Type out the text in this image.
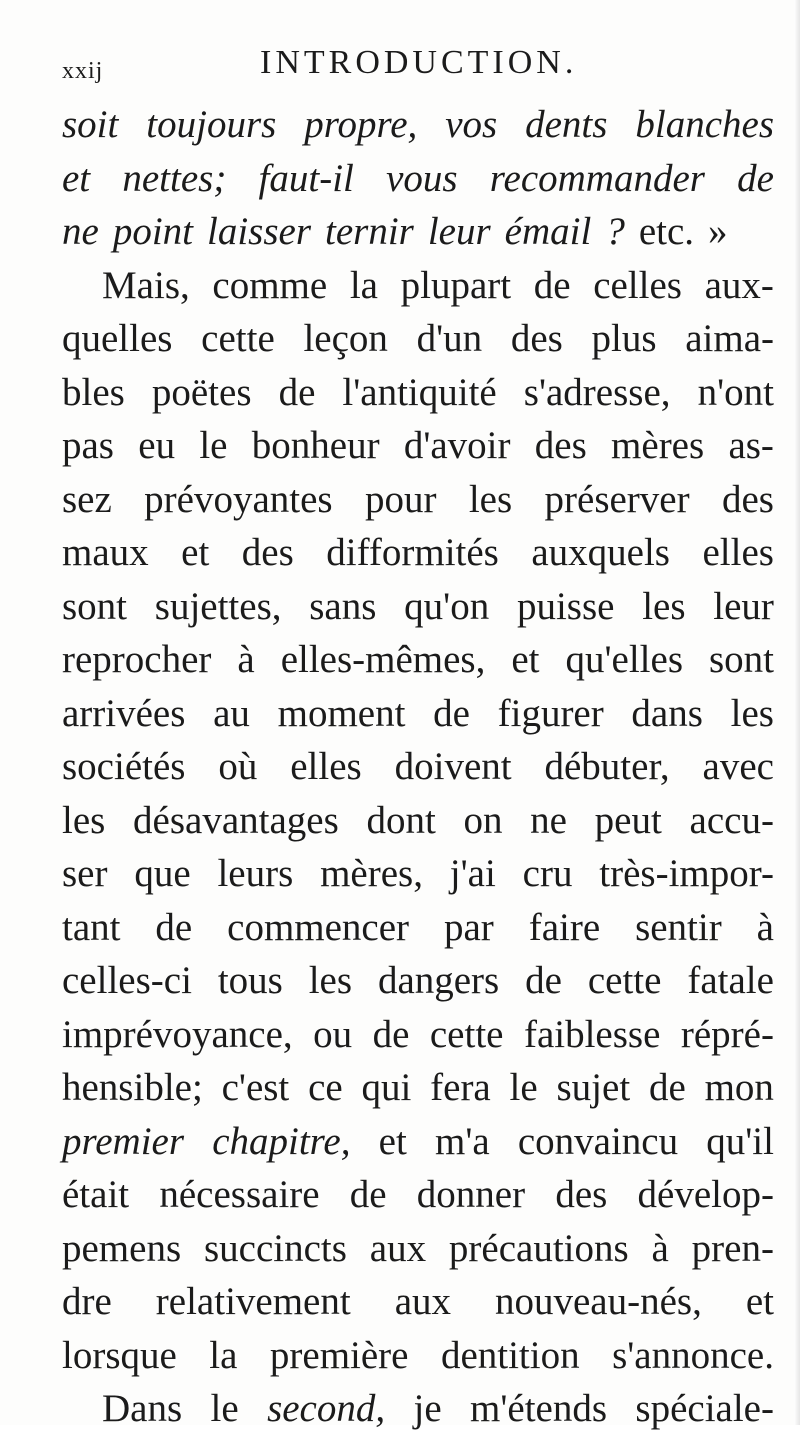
xxij	INTRODUCTION.
soit toujours propre, vos dents blanches
et nettes; faut-il vous recommander de
ne point laisser ternir leur émail ? etc. »
Mais, comme la plupart de celles aux-
quelles cette leçon d'un des plus aima-
bles poëtes de l'antiquité s'adresse, n'ont
pas eu le bonheur d'avoir des mères as-
sez prévoyantes pour les préserver des
maux et des difformités auxquels elles
sont sujettes, sans qu'on puisse les leur
reprocher à elles-mêmes, et qu'elles sont
arrivées au moment de figurer dans les
sociétés où elles doivent débuter, avec
les désavantages dont on ne peut accu-
ser que leurs mères, j'ai cru très-impor-
tant de commencer par faire sentir à
celles-ci tous les dangers de cette fatale
imprévoyance, ou de cette faiblesse répré-
hensible; c'est ce qui fera le sujet de mon
premier chapitre, et m'a convaincu qu'il
était nécessaire de donner des dévelop-
pemens succincts aux précautions à pren-
dre relativement aux nouveau-nés, et
lorsque la première dentition s'annonce.
Dans le second, je m'étends spéciale-
